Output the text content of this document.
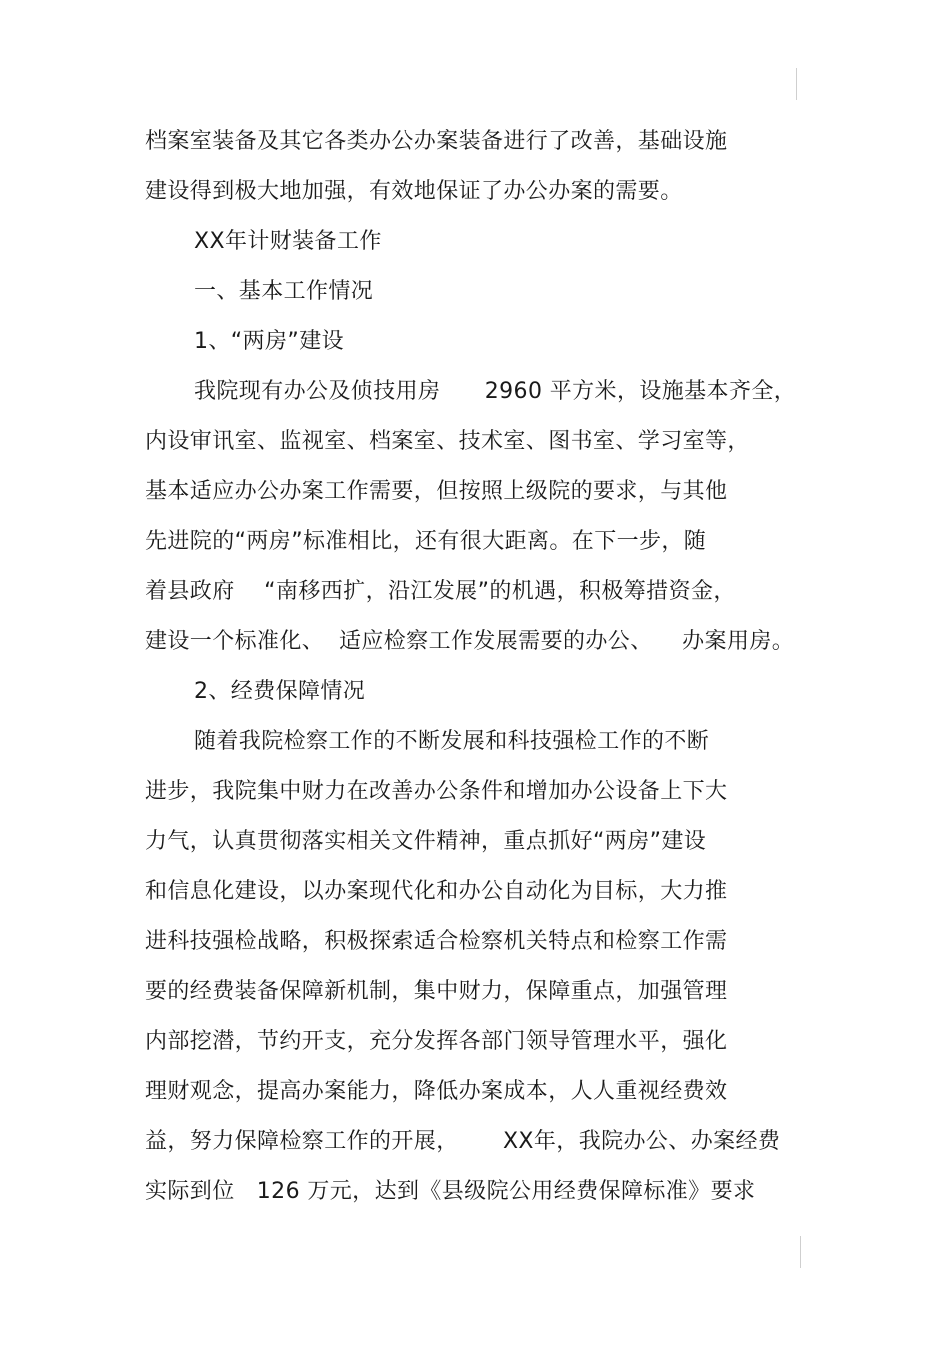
档案室装备及其它各类办公办案装备进行了改善，基础设施
建设得到极大地加强，有效地保证了办公办案的需要。
XX年计财装备工作
一、基本工作情况
1、“两房”建设
我院现有办公及侦技用房      2960 平方米，设施基本齐全，
内设审讯室、监视室、档案室、技术室、图书室、学习室等，
基本适应办公办案工作需要，但按照上级院的要求，与其他
先进院的“两房”标准相比，还有很大距离。在下一步，随
着县政府    “南移西扩，沿江发展”的机遇，积极筹措资金，
建设一个标准化、  适应检察工作发展需要的办公、    办案用房。
2、经费保障情况
随着我院检察工作的不断发展和科技强检工作的不断
进步，我院集中财力在改善办公条件和增加办公设备上下大
力气，认真贯彻落实相关文件精神，重点抓好“两房”建设
和信息化建设，以办案现代化和办公自动化为目标，大力推
进科技强检战略，积极探索适合检察机关特点和检察工作需
要的经费装备保障新机制，集中财力，保障重点，加强管理
内部挖潜，节约开支，充分发挥各部门领导管理水平，强化
理财观念，提高办案能力，降低办案成本，人人重视经费效
益，努力保障检察工作的开展，      XX年，我院办公、办案经费
实际到位   126 万元，达到《县级院公用经费保障标准》要求
